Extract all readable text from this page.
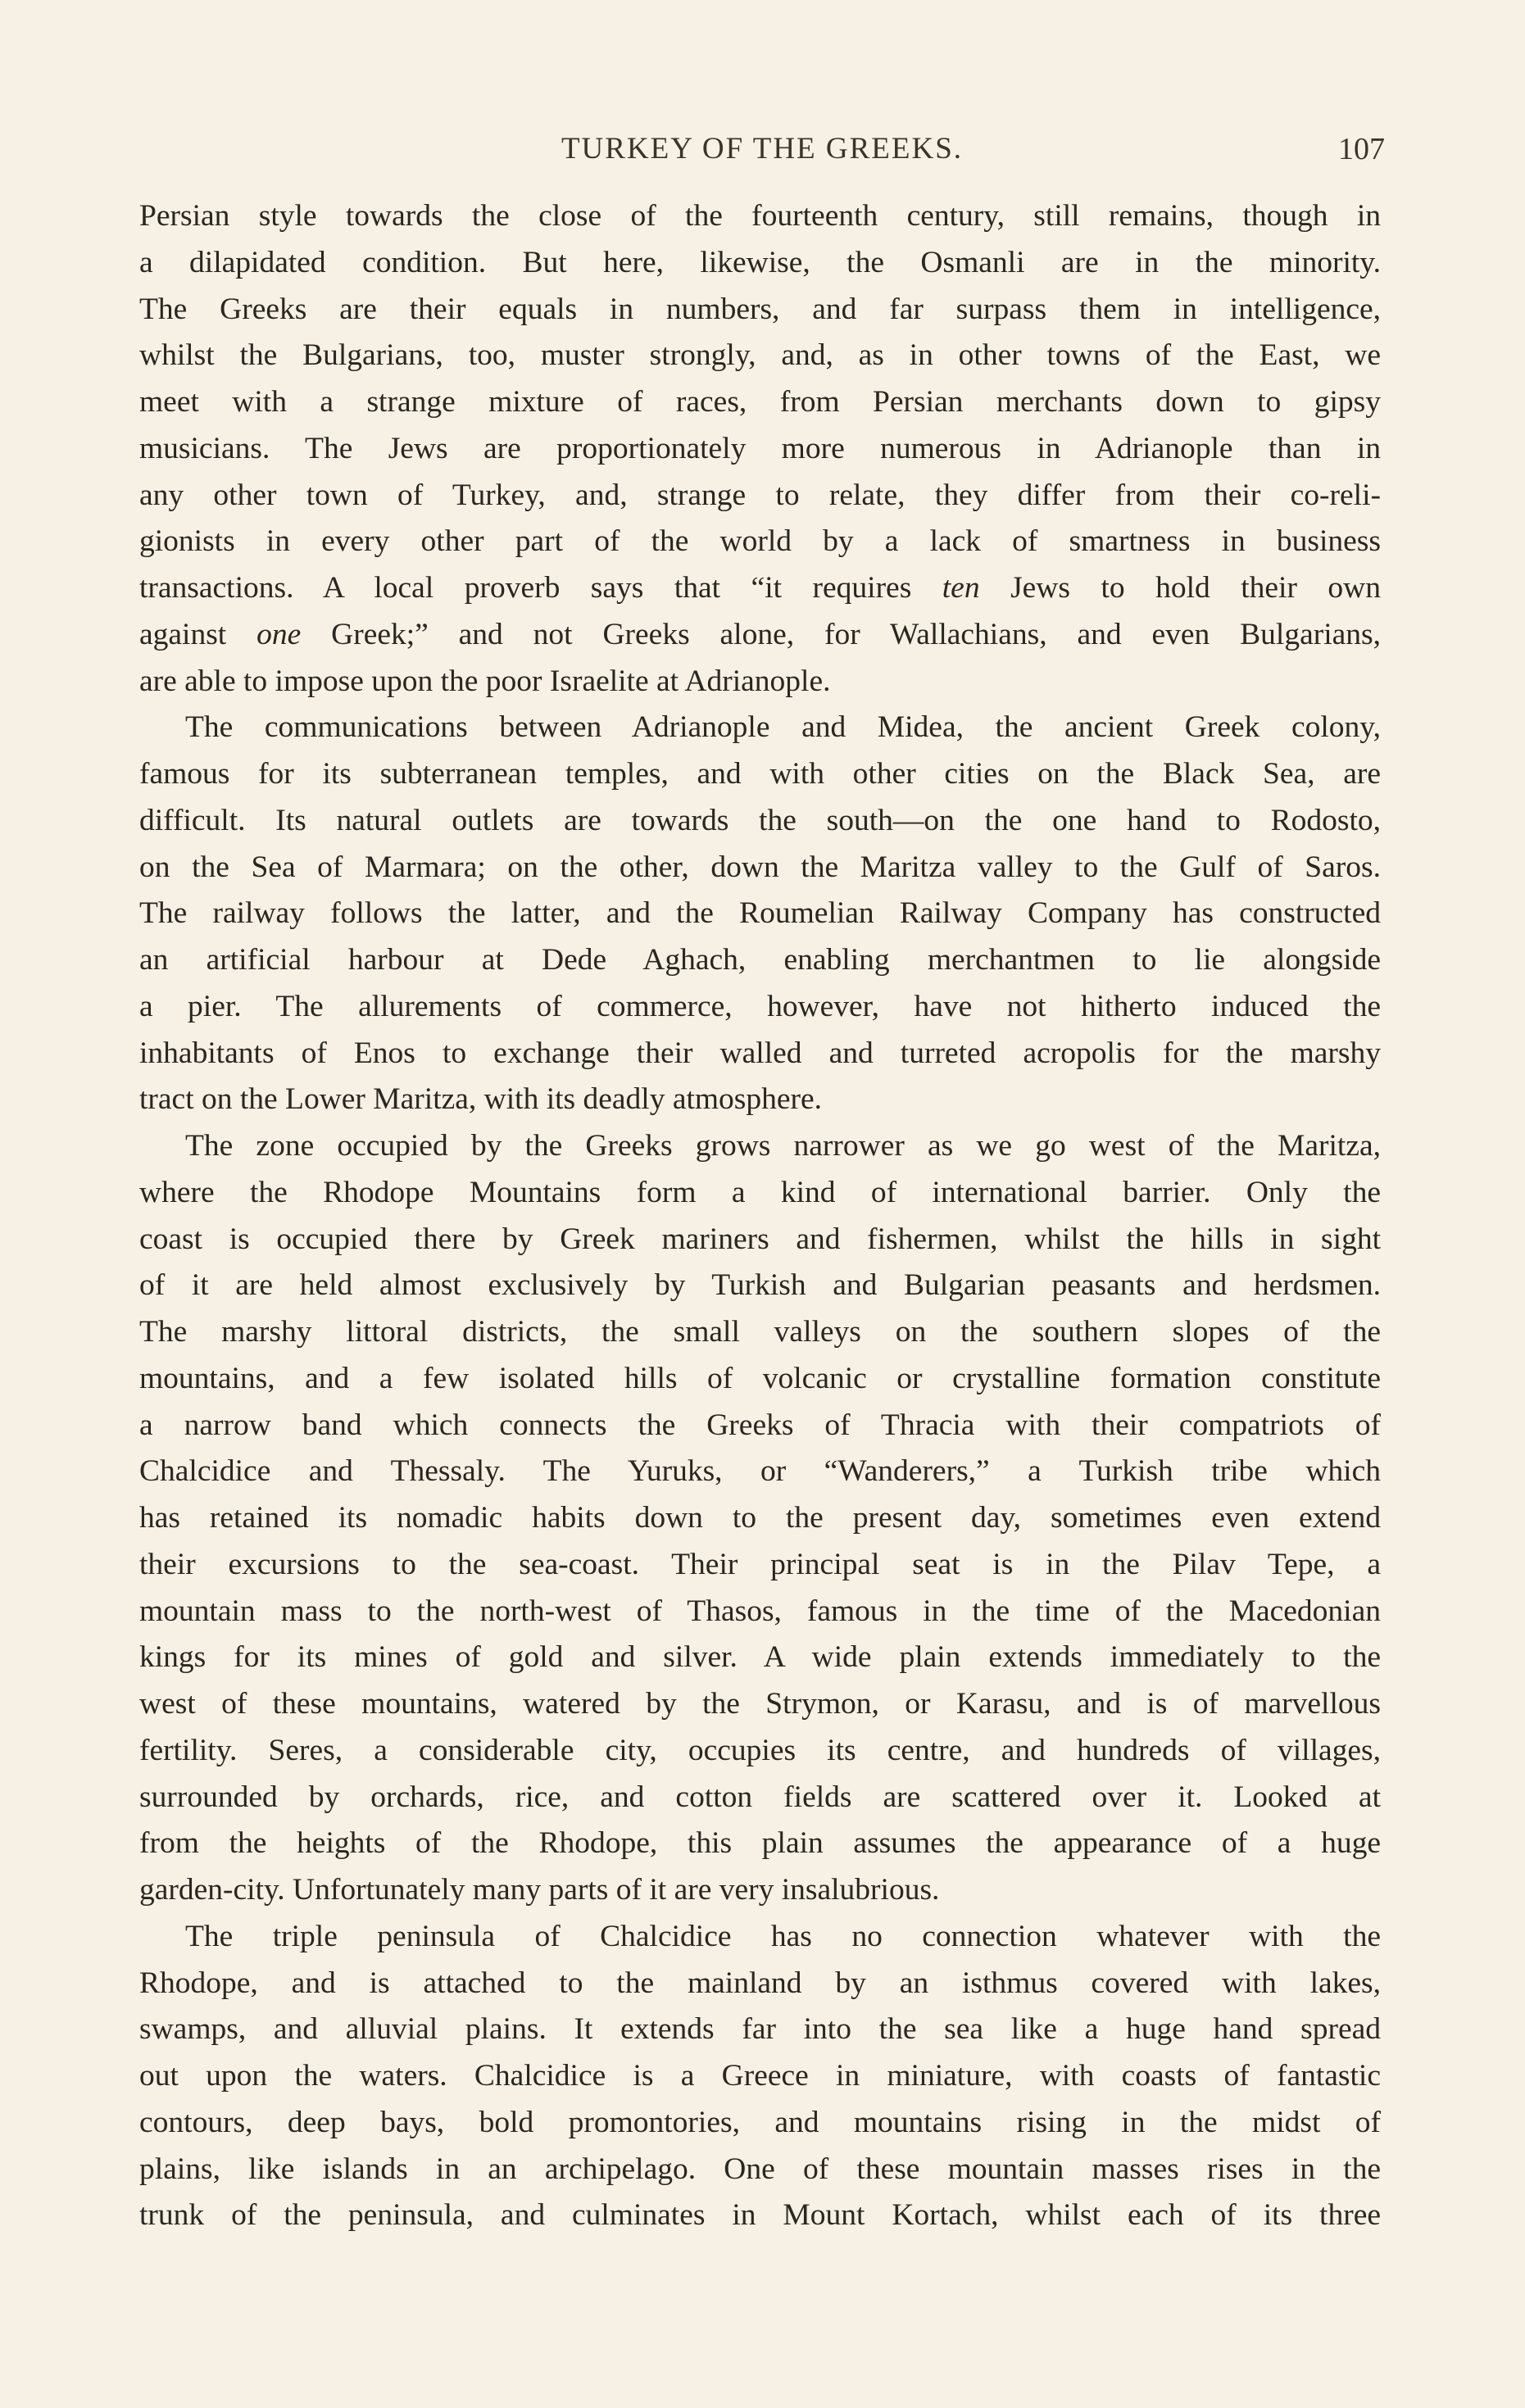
TURKEY OF THE GREEKS.	107
Persian style towards the close of the fourteenth century, still remains, though in
a dilapidated condition. But here, likewise, the Osmanli are in the minority.
The Greeks are their equals in numbers, and far surpass them in intelligence,
whilst the Bulgarians, too, muster strongly, and, as in other towns of the East, we
meet with a strange mixture of races, from Persian merchants down to gipsy
musicians. The Jews are proportionately more numerous in Adrianople than in
any other town of Turkey, and, strange to relate, they differ from their co-reli-
gionists in every other part of the world by a lack of smartness in business
transactions. A local proverb says that “it requires ten Jews to hold their own
against one Greek;” and not Greeks alone, for Wallachians, and even Bulgarians,
are able to impose upon the poor Israelite at Adrianople.
The communications between Adrianople and Midea, the ancient Greek colony,
famous for its subterranean temples, and with other cities on the Black Sea, are
difficult. Its natural outlets are towards the south—on the one hand to Rodosto,
on the Sea of Marmara; on the other, down the Maritza valley to the Gulf of Saros.
The railway follows the latter, and the Roumelian Railway Company has constructed
an artificial harbour at Dede Aghach, enabling merchantmen to lie alongside
a pier. The allurements of commerce, however, have not hitherto induced the
inhabitants of Enos to exchange their walled and turreted acropolis for the marshy
tract on the Lower Maritza, with its deadly atmosphere.
The zone occupied by the Greeks grows narrower as we go west of the Maritza,
where the Rhodope Mountains form a kind of international barrier. Only the
coast is occupied there by Greek mariners and fishermen, whilst the hills in sight
of it are held almost exclusively by Turkish and Bulgarian peasants and herdsmen.
The marshy littoral districts, the small valleys on the southern slopes of the
mountains, and a few isolated hills of volcanic or crystalline formation constitute
a narrow band which connects the Greeks of Thracia with their compatriots of
Chalcidice and Thessaly. The Yuruks, or “Wanderers,” a Turkish tribe which
has retained its nomadic habits down to the present day, sometimes even extend
their excursions to the sea-coast. Their principal seat is in the Pilav Tepe, a
mountain mass to the north-west of Thasos, famous in the time of the Macedonian
kings for its mines of gold and silver. A wide plain extends immediately to the
west of these mountains, watered by the Strymon, or Karasu, and is of marvellous
fertility. Seres, a considerable city, occupies its centre, and hundreds of villages,
surrounded by orchards, rice, and cotton fields are scattered over it. Looked at
from the heights of the Rhodope, this plain assumes the appearance of a huge
garden-city. Unfortunately many parts of it are very insalubrious.
The triple peninsula of Chalcidice has no connection whatever with the
Rhodope, and is attached to the mainland by an isthmus covered with lakes,
swamps, and alluvial plains. It extends far into the sea like a huge hand spread
out upon the waters. Chalcidice is a Greece in miniature, with coasts of fantastic
contours, deep bays, bold promontories, and mountains rising in the midst of
plains, like islands in an archipelago. One of these mountain masses rises in the
trunk of the peninsula, and culminates in Mount Kortach, whilst each of its three
